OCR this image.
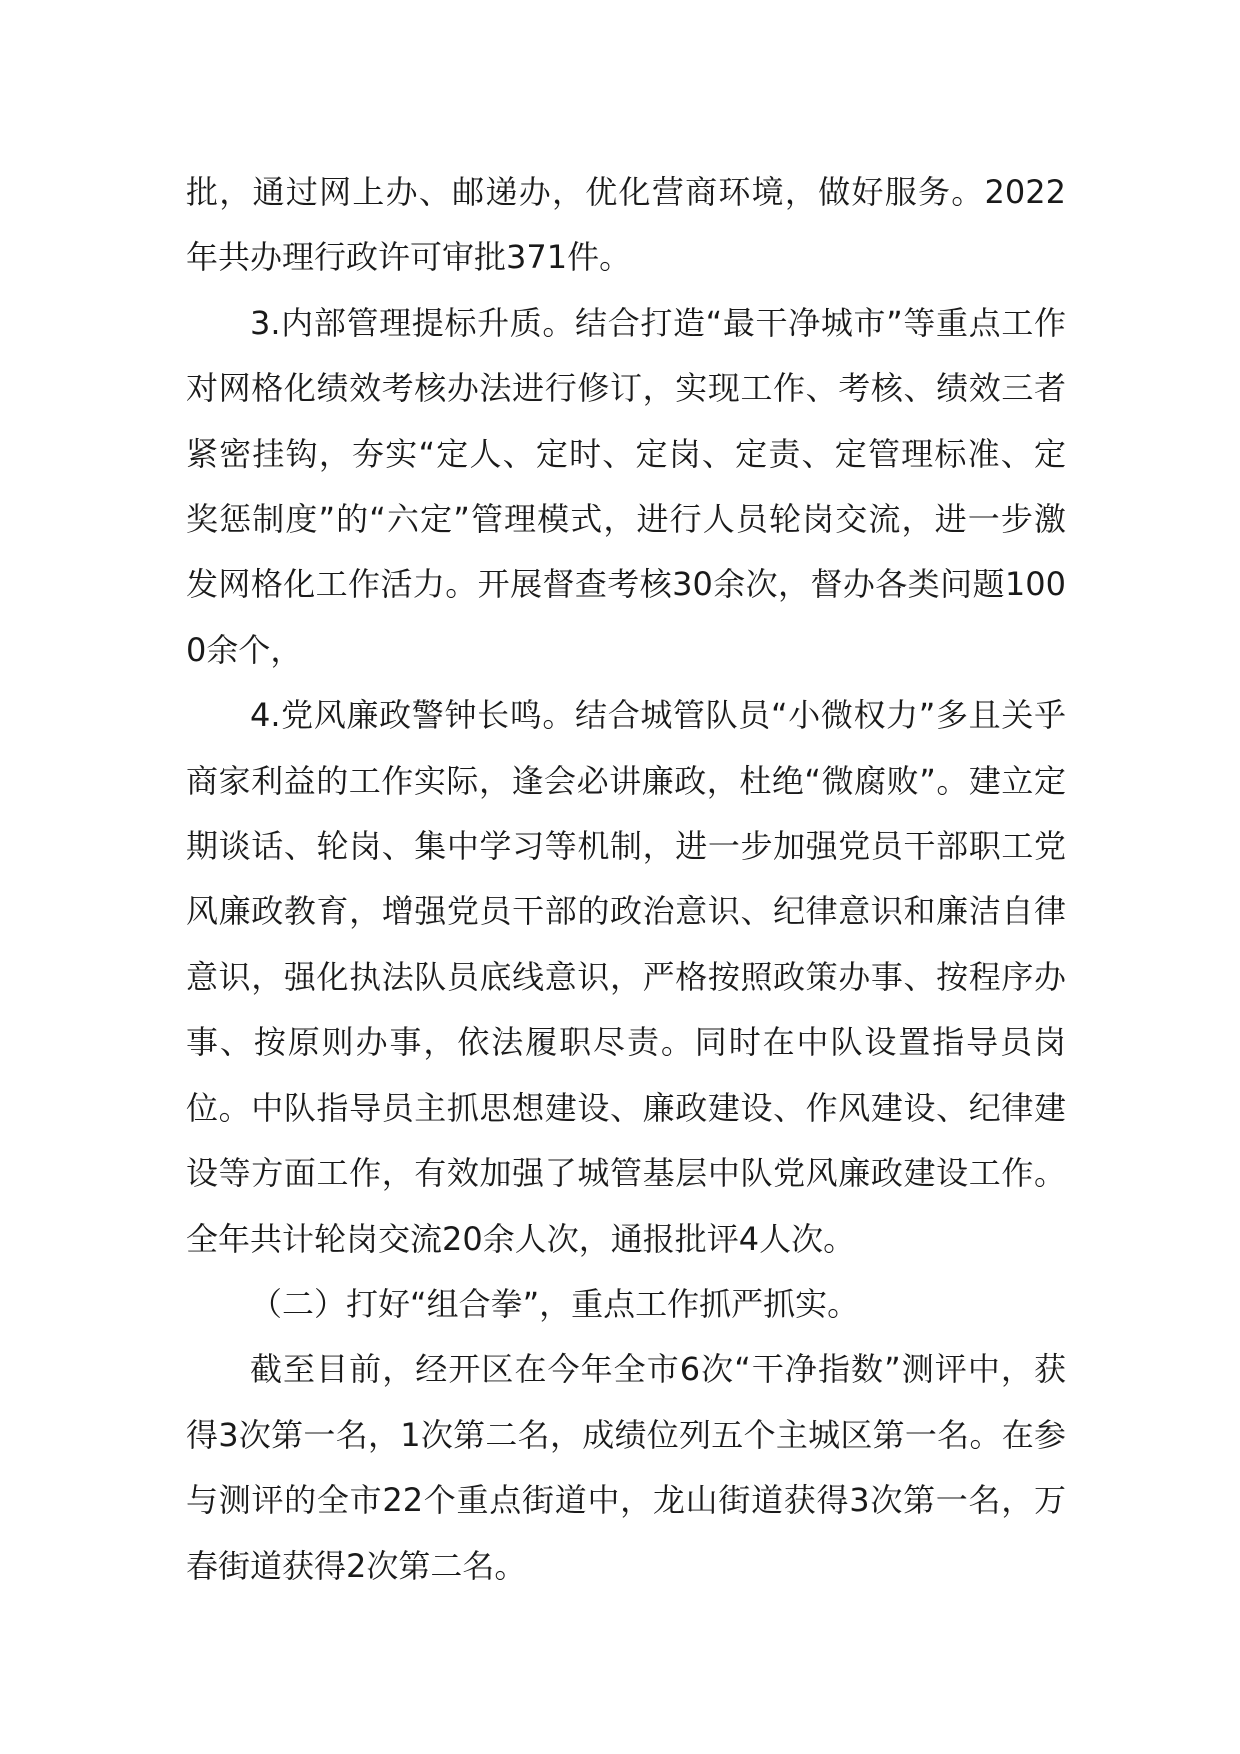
批，通过网上办、邮递办，优化营商环境，做好服务。2022年共办理行政许可审批371件。

3.内部管理提标升质。结合打造“最干净城市”等重点工作对网格化绩效考核办法进行修订，实现工作、考核、绩效三者紧密挂钩，夯实“定人、定时、定岗、定责、定管理标准、定奖惩制度”的“六定”管理模式，进行人员轮岗交流，进一步激发网格化工作活力。开展督查考核30余次，督办各类问题1000余个，

4.党风廉政警钟长鸣。结合城管队员“小微权力”多且关乎商家利益的工作实际，逢会必讲廉政，杜绝“微腐败”。建立定期谈话、轮岗、集中学习等机制，进一步加强党员干部职工党风廉政教育，增强党员干部的政治意识、纪律意识和廉洁自律意识，强化执法队员底线意识，严格按照政策办事、按程序办事、按原则办事，依法履职尽责。同时在中队设置指导员岗位。中队指导员主抓思想建设、廉政建设、作风建设、纪律建设等方面工作，有效加强了城管基层中队党风廉政建设工作。全年共计轮岗交流20余人次，通报批评4人次。

（二）打好“组合拳”，重点工作抓严抓实。

截至目前，经开区在今年全市6次“干净指数”测评中，获得3次第一名，1次第二名，成绩位列五个主城区第一名。在参与测评的全市22个重点街道中，龙山街道获得3次第一名，万春街道获得2次第二名。
